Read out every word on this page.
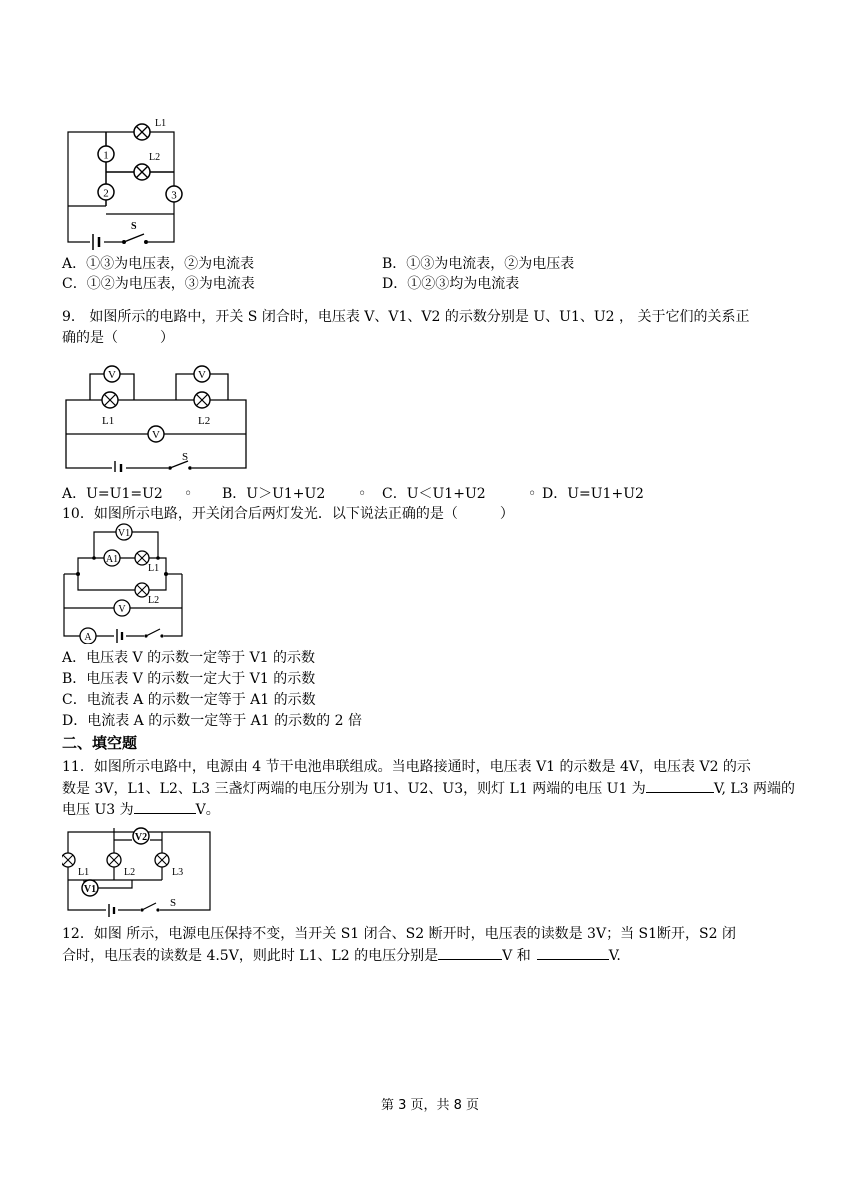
1
2	3
L1
L2
S
A．①③为电压表，②为电流表	B．①③为电流表，②为电压表
C．①②为电压表，③为电流表	D．①②③均为电流表
9． 如图所示的电路中，开关 S 闭合时，电压表 V、V1、V2 的示数分别是 U、U1、U2 ， 关于它们的关系正
确的是（　　　）
V	V
V
L1	L2
S
A．U=U1=U2 ◦ B．U＞U1+U2 ◦ C．U＜U1+U2	◦ D．U=U1+U2
10．如图所示电路，开关闭合后两灯发光．以下说法正确的是（　　　）
V1
A1
V
A
L1
L2
A．电压表 V 的示数一定等于 V1 的示数
B．电压表 V 的示数一定大于 V1 的示数
C．电流表 A 的示数一定等于 A1 的示数
D．电流表 A 的示数一定等于 A1 的示数的 2 倍
二、填空题
11．如图所示电路中，电源由 4 节干电池串联组成。当电路接通时，电压表 V1 的示数是 4V，电压表 V2 的示
数是 3V，L1、L2、L3 三盏灯两端的电压分别为 U1、U2、U3，则灯 L1 两端的电压 U1 为	V, L3 两端的
电压 U3 为	V。
V2
V1
L1	L2	L3
S
12．如图 所示，电源电压保持不变，当开关 S1 闭合、S2 断开时，电压表的读数是 3V；当 S1断开，S2 闭
合时，电压表的读数是 4.5V，则此时 L1、L2 的电压分别是	V 和	V.
第 3 页，共 8 页
